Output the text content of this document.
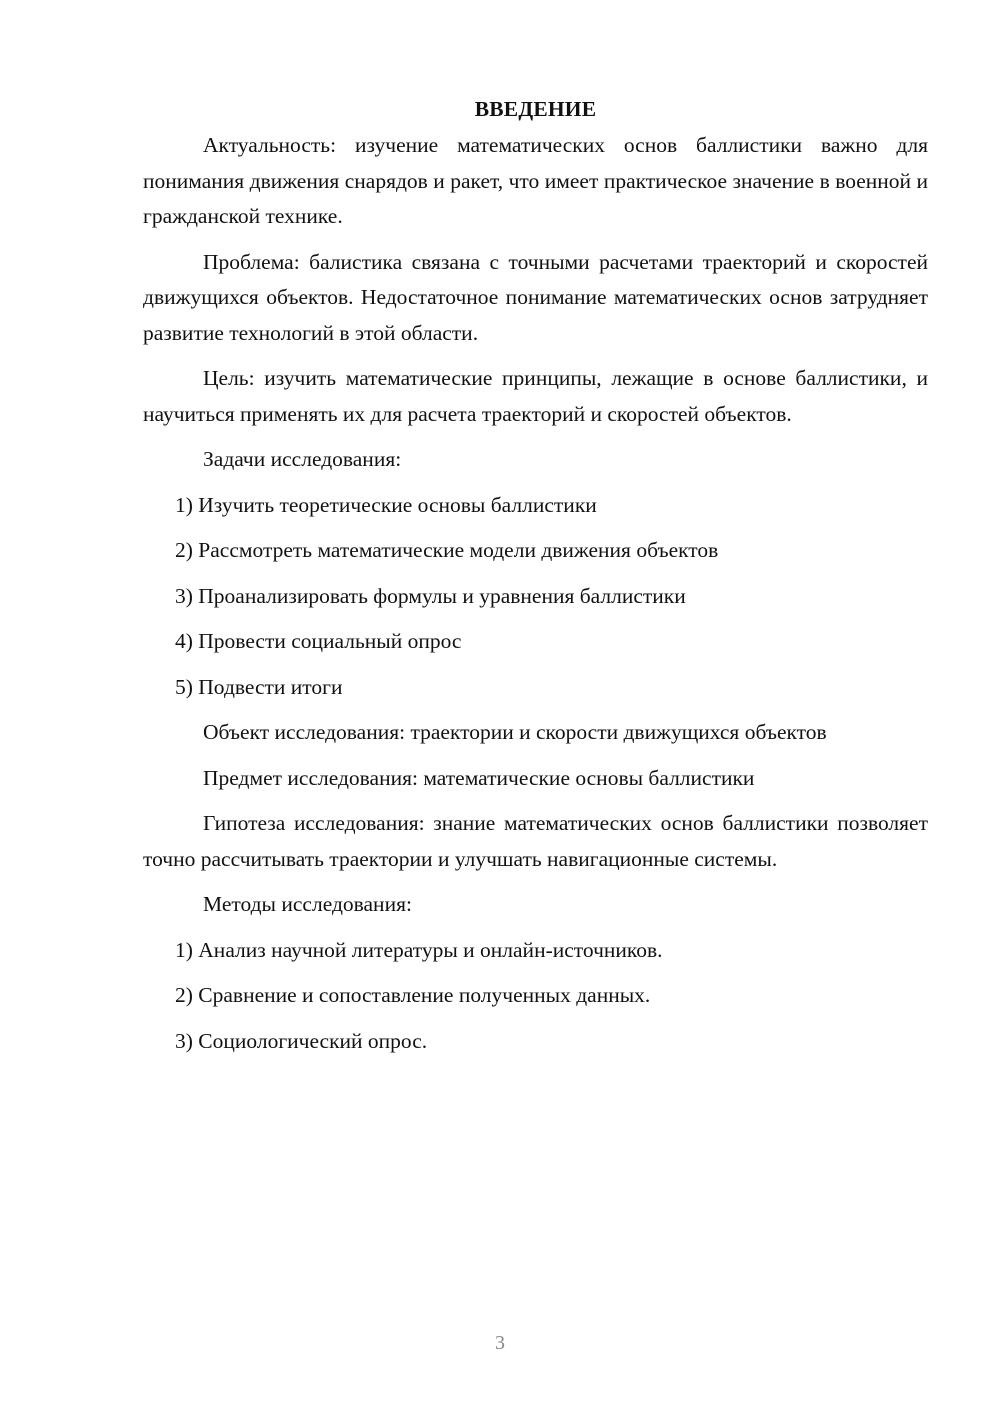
ВВЕДЕНИЕ
Актуальность: изучение математических основ баллистики важно для понимания движения снарядов и ракет, что имеет практическое значение в военной и гражданской технике.
Проблема: балистика связана с точными расчетами траекторий и скоростей движущихся объектов. Недостаточное понимание математических основ затрудняет развитие технологий в этой области.
Цель: изучить математические принципы, лежащие в основе баллистики, и научиться применять их для расчета траекторий и скоростей объектов.
Задачи исследования:
1) Изучить теоретические основы баллистики
2) Рассмотреть математические модели движения объектов
3) Проанализировать формулы и уравнения баллистики
4) Провести социальный опрос
5) Подвести итоги
Объект исследования: траектории и скорости движущихся объектов
Предмет исследования: математические основы баллистики
Гипотеза исследования: знание математических основ баллистики позволяет точно рассчитывать траектории и улучшать навигационные системы.
Методы исследования:
1) Анализ научной литературы и онлайн-источников.
2) Сравнение и сопоставление полученных данных.
3) Социологический опрос.
3
